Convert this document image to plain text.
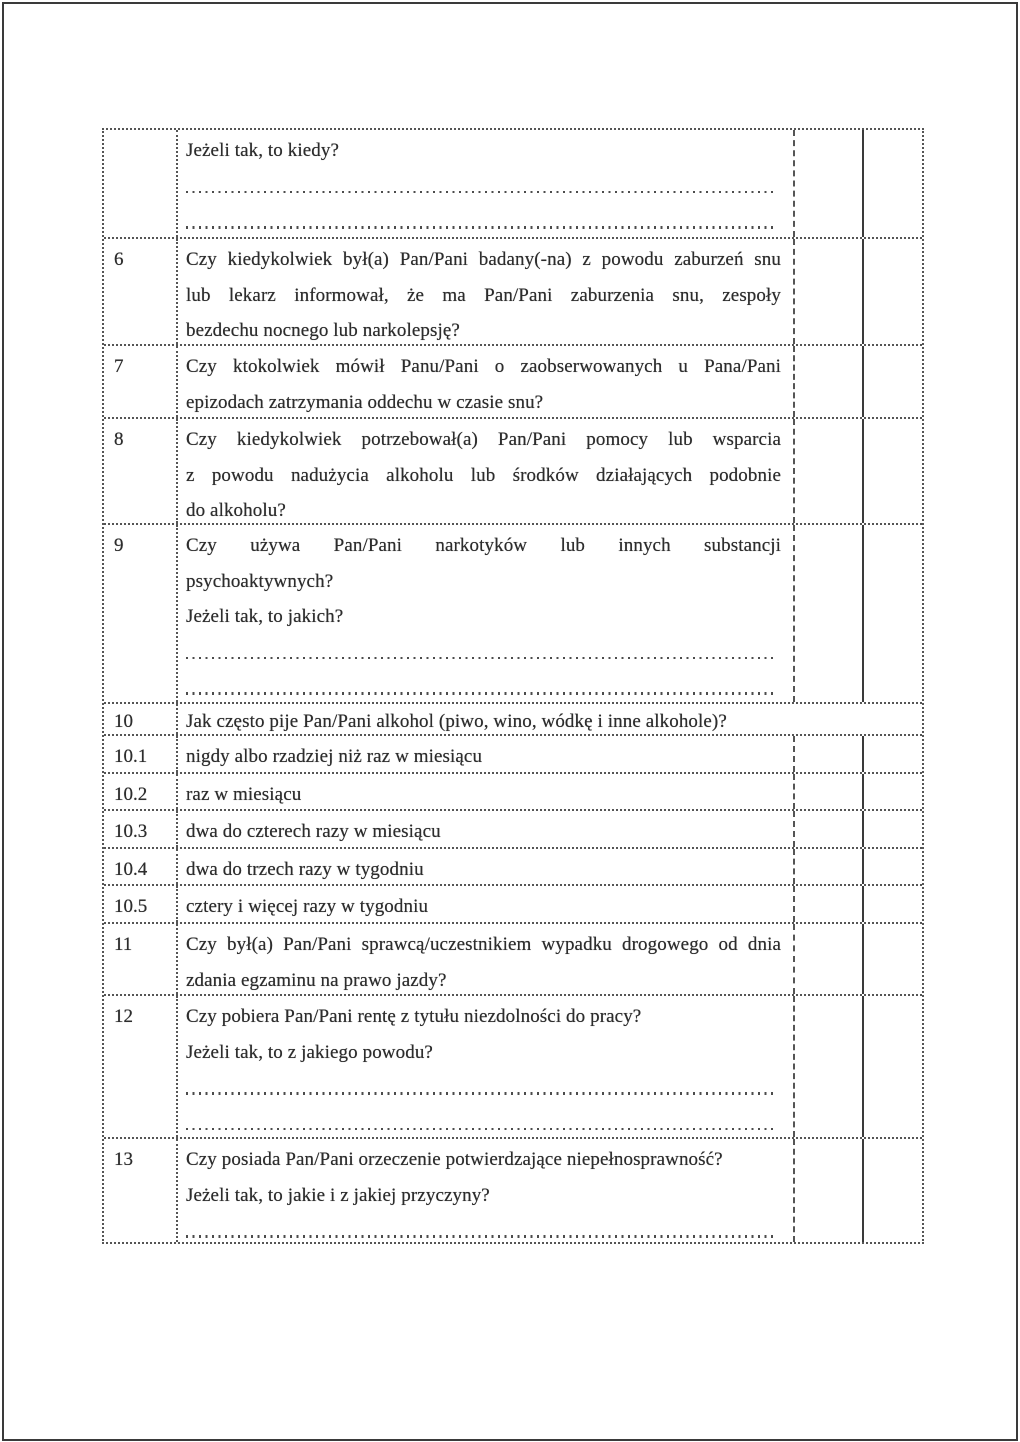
Jeżeli tak, to kiedy?
6	Czy kiedykolwiek był(a) Pan/Pani badany(-na) z powodu zaburzeń snu
lub lekarz informował, że ma Pan/Pani zaburzenia snu, zespoły
bezdechu nocnego lub narkolepsję?
7	Czy ktokolwiek mówił Panu/Pani o zaobserwowanych u Pana/Pani
epizodach zatrzymania oddechu w czasie snu?
8	Czy kiedykolwiek potrzebował(a) Pan/Pani pomocy lub wsparcia
z powodu nadużycia alkoholu lub środków działających podobnie
do alkoholu?
9	Czy używa Pan/Pani narkotyków lub innych substancji
psychoaktywnych?
Jeżeli tak, to jakich?
10	Jak często pije Pan/Pani alkohol (piwo, wino, wódkę i inne alkohole)?
10.1	nigdy albo rzadziej niż raz w miesiącu
10.2	raz w miesiącu
10.3	dwa do czterech razy w miesiącu
10.4	dwa do trzech razy w tygodniu
10.5	cztery i więcej razy w tygodniu
11	Czy był(a) Pan/Pani sprawcą/uczestnikiem wypadku drogowego od dnia
zdania egzaminu na prawo jazdy?
12	Czy pobiera Pan/Pani rentę z tytułu niezdolności do pracy?
Jeżeli tak, to z jakiego powodu?
13	Czy posiada Pan/Pani orzeczenie potwierdzające niepełnosprawność?
Jeżeli tak, to jakie i z jakiej przyczyny?
